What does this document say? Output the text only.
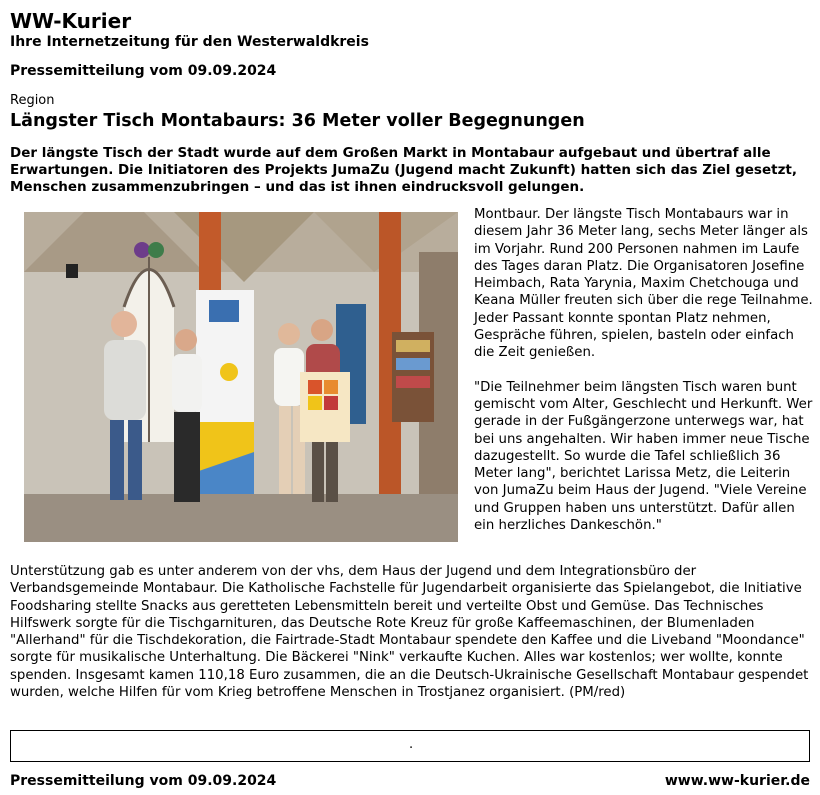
WW-Kurier
Ihre Internetzeitung für den Westerwaldkreis
Pressemitteilung vom 09.09.2024
Region
Längster Tisch Montabaurs: 36 Meter voller Begegnungen
Der längste Tisch der Stadt wurde auf dem Großen Markt in Montabaur aufgebaut und übertraf alle Erwartungen. Die Initiatoren des Projekts JumaZu (Jugend macht Zukunft) hatten sich das Ziel gesetzt, Menschen zusammenzubringen – und das ist ihnen eindrucksvoll gelungen.

Montbaur. Der längste Tisch Montabaurs war in diesem Jahr 36 Meter lang, sechs Meter länger als im Vorjahr. Rund 200 Personen nahmen im Laufe des Tages daran Platz. Die Organisatoren Josefine Heimbach, Rata Yarynia, Maxim Chetchouga und Keana Müller freuten sich über die rege Teilnahme. Jeder Passant konnte spontan Platz nehmen, Gespräche führen, spielen, basteln oder einfach die Zeit genießen.

"Die Teilnehmer beim längsten Tisch waren bunt gemischt vom Alter, Geschlecht und Herkunft. Wer gerade in der Fußgängerzone unterwegs war, hat bei uns angehalten. Wir haben immer neue Tische dazugestellt. So wurde die Tafel schließlich 36 Meter lang", berichtet Larissa Metz, die Leiterin von JumaZu beim Haus der Jugend. "Viele Vereine und Gruppen haben uns unterstützt. Dafür allen ein herzliches Dankeschön."

Unterstützung gab es unter anderem von der vhs, dem Haus der Jugend und dem Integrationsbüro der Verbandsgemeinde Montabaur. Die Katholische Fachstelle für Jugendarbeit organisierte das Spielangebot, die Initiative Foodsharing stellte Snacks aus geretteten Lebensmitteln bereit und verteilte Obst und Gemüse. Das Technisches Hilfswerk sorgte für die Tischgarnituren, das Deutsche Rote Kreuz für große Kaffeemaschinen, der Blumenladen "Allerhand" für die Tischdekoration, die Fairtrade-Stadt Montabaur spendete den Kaffee und die Liveband "Moondance" sorgte für musikalische Unterhaltung. Die Bäckerei "Nink" verkaufte Kuchen. Alles war kostenlos; wer wollte, konnte spenden. Insgesamt kamen 110,18 Euro zusammen, die an die Deutsch-Ukrainische Gesellschaft Montabaur gespendet wurden, welche Hilfen für vom Krieg betroffene Menschen in Trostjanez organisiert. (PM/red)
.
Pressemitteilung vom 09.09.2024	www.ww-kurier.de
